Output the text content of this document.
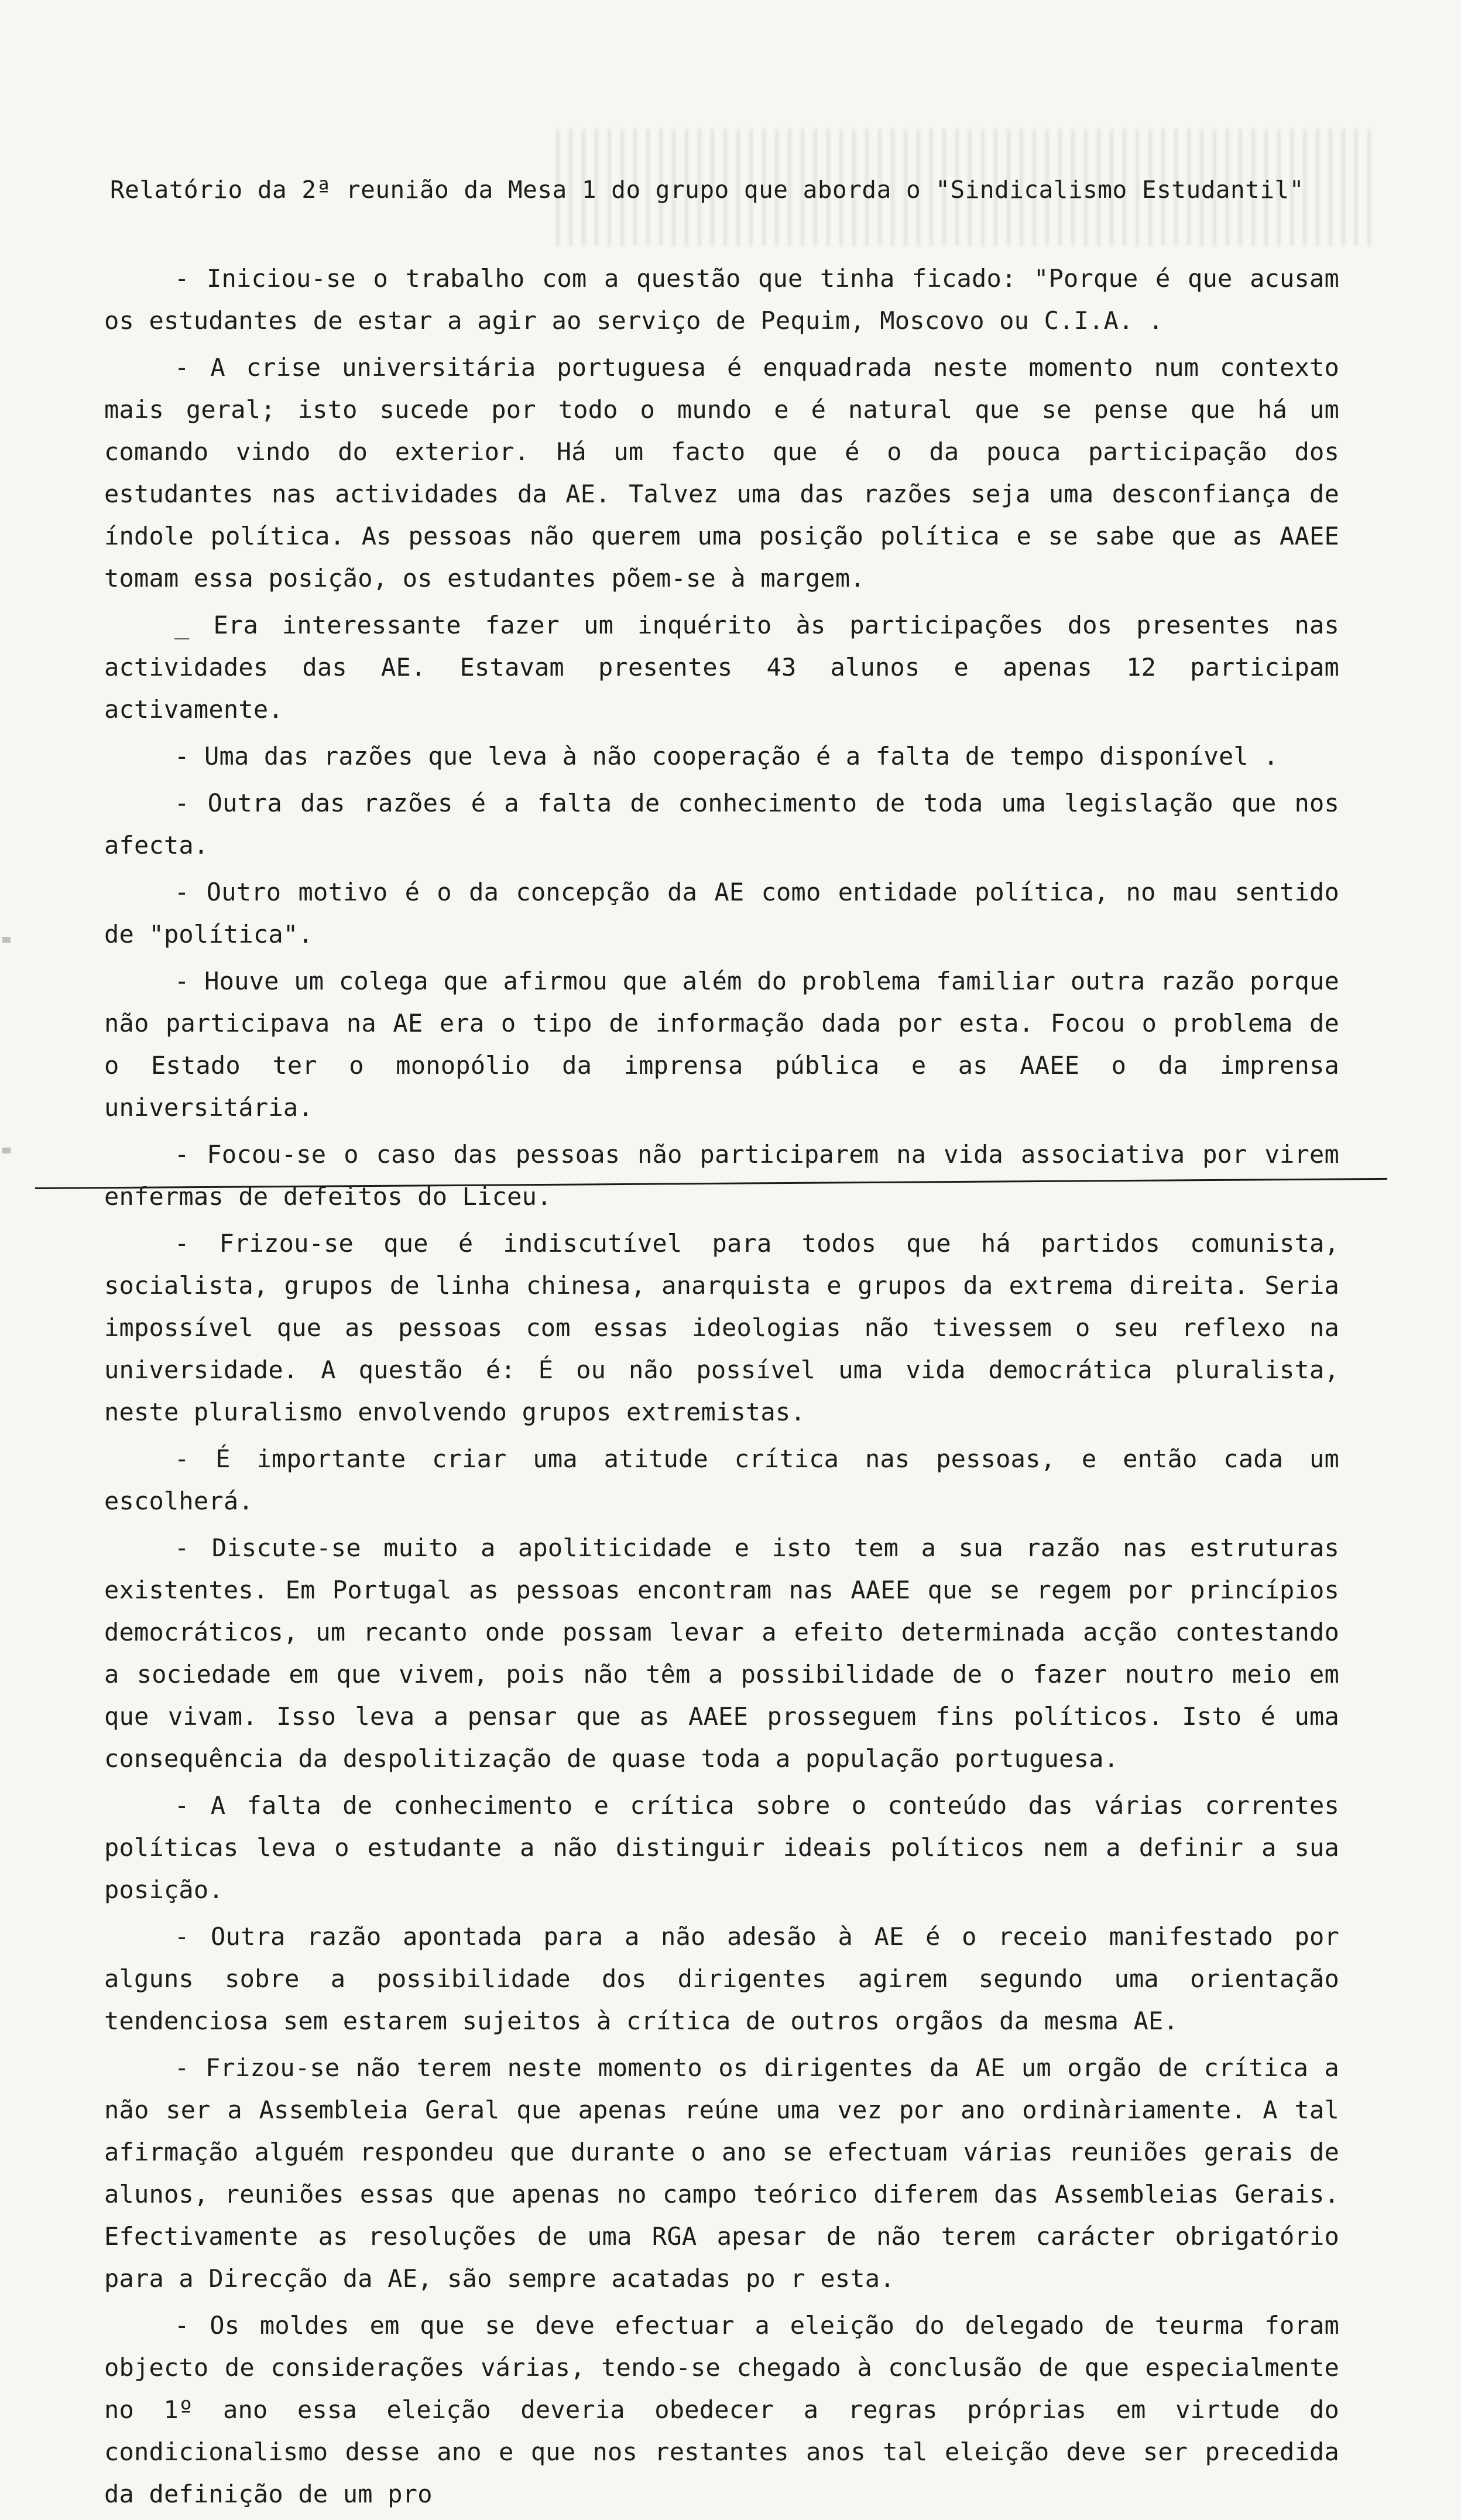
Relatório da 2ª reunião da Mesa 1 do grupo que aborda o "Sindicalismo Estudantil"

- Iniciou-se o trabalho com a questão que tinha ficado: "Porque é que acusam os estudantes de estar a agir ao serviço de Pequim, Moscovo ou C.I.A. .

- A crise universitária portuguesa é enquadrada neste momento num contexto mais geral; isto sucede por todo o mundo e é natural que se pense que há um comando vindo do exterior. Há um facto que é o da pouca participação dos estudantes nas actividades da AE. Talvez uma das razões seja uma desconfiança de índole política. As pessoas não querem uma posição política e se sabe que as AAEE tomam essa posição, os estudantes põem-se à margem.

_ Era interessante fazer um inquérito às participações dos presentes nas actividades das AE. Estavam presentes 43 alunos e apenas 12 participam activamente.

- Uma das razões que leva à não cooperação é a falta de tempo disponível .

- Outra das razões é a falta de conhecimento de toda uma legislação que nos afecta.

- Outro motivo é o da concepção da AE como entidade política, no mau sentido de "política".

- Houve um colega que afirmou que além do problema familiar outra razão porque não participava na AE era o tipo de informação dada por esta. Focou o problema de o Estado ter o monopólio da imprensa pública e as AAEE o da imprensa universitária.

- Focou-se o caso das pessoas não participarem na vida associativa por virem enfermas de defeitos do Liceu.

- Frizou-se que é indiscutível para todos que há partidos comunista, socialista, grupos de linha chinesa, anarquista e grupos da extrema direita. Seria impossível que as pessoas com essas ideologias não tivessem o seu reflexo na universidade. A questão é: É ou não possível uma vida democrática pluralista, neste pluralismo envolvendo grupos extremistas.

- É importante criar uma atitude crítica nas pessoas, e então cada um escolherá.

- Discute-se muito a apoliticidade e isto tem a sua razão nas estruturas existentes. Em Portugal as pessoas encontram nas AAEE que se regem por princípios democráticos, um recanto onde possam levar a efeito determinada acção contestando a sociedade em que vivem, pois não têm a possibilidade de o fazer noutro meio em que vivam. Isso leva a pensar que as AAEE prosseguem fins políticos. Isto é uma consequência da despolitização de quase toda a população portuguesa.

- A falta de conhecimento e crítica sobre o conteúdo das várias correntes políticas leva o estudante a não distinguir ideais políticos nem a definir a sua posição.

- Outra razão apontada para a não adesão à AE é o receio manifestado por alguns sobre a possibilidade dos dirigentes agirem segundo uma orientação tendenciosa sem estarem sujeitos à crítica de outros orgãos da mesma AE.

- Frizou-se não terem neste momento os dirigentes da AE um orgão de crítica a não ser a Assembleia Geral que apenas reúne uma vez por ano ordinàriamente. A tal afirmação alguém respondeu que durante o ano se efectuam várias reuniões gerais de alunos, reuniões essas que apenas no campo teórico diferem das Assembleias Gerais. Efectivamente as resoluções de uma RGA apesar de não terem carácter obrigatório para a Direcção da AE, são sempre acatadas po r esta.

- Os moldes em que se deve efectuar a eleição do delegado de teurma foram objecto de considerações várias, tendo-se chegado à conclusão de que especialmente no 1º ano essa eleição deveria obedecer a regras próprias em virtude do condicionalismo desse ano e que nos restantes anos tal eleição deve ser precedida da definição de um pro
